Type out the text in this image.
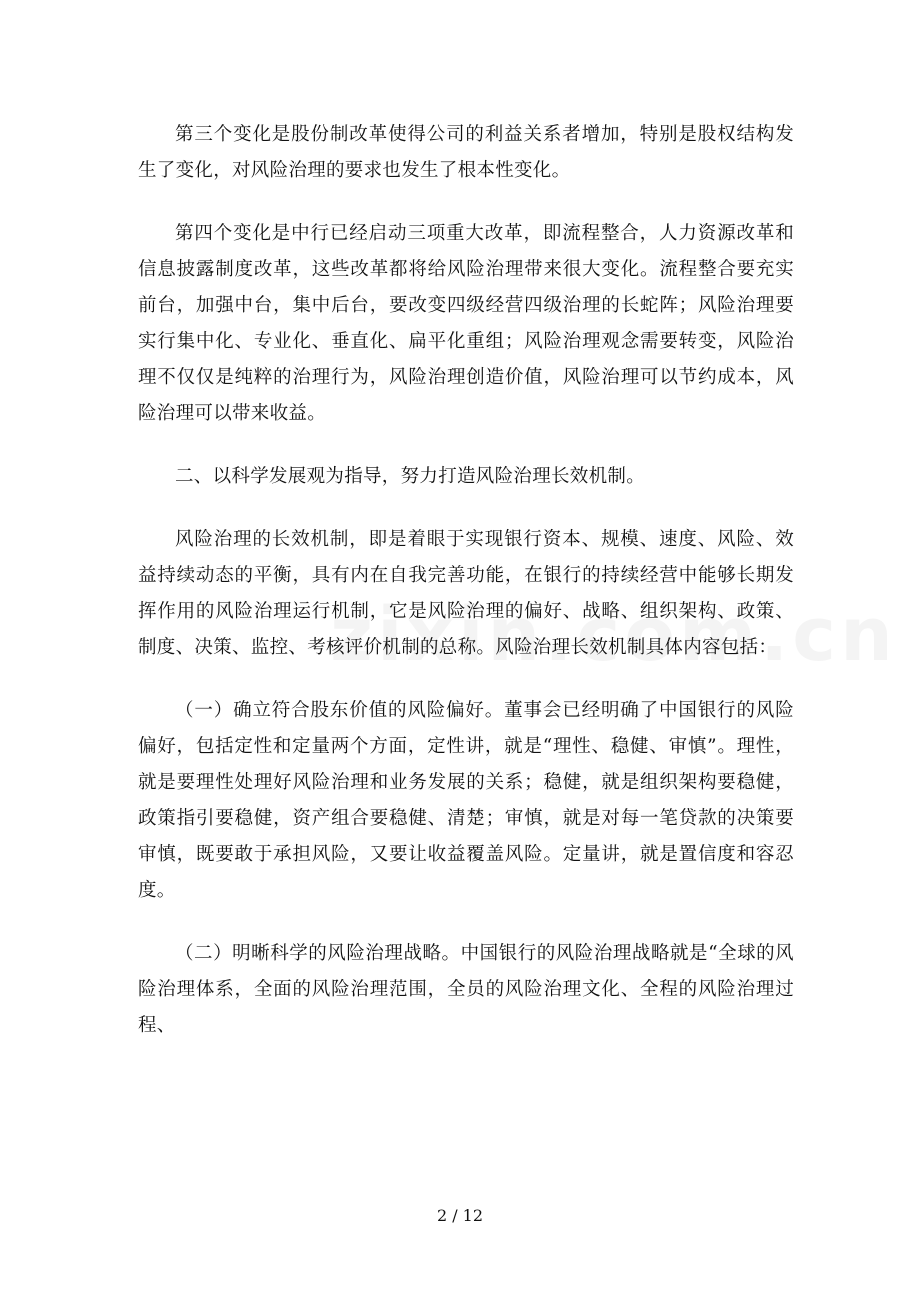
第三个变化是股份制改革使得公司的利益关系者增加，特别是股权结构发生了变化，对风险治理的要求也发生了根本性变化。

第四个变化是中行已经启动三项重大改革，即流程整合，人力资源改革和信息披露制度改革，这些改革都将给风险治理带来很大变化。流程整合要充实前台，加强中台，集中后台，要改变四级经营四级治理的长蛇阵；风险治理要实行集中化、专业化、垂直化、扁平化重组；风险治理观念需要转变，风险治理不仅仅是纯粹的治理行为，风险治理创造价值，风险治理可以节约成本，风险治理可以带来收益。

二、以科学发展观为指导，努力打造风险治理长效机制。

风险治理的长效机制，即是着眼于实现银行资本、规模、速度、风险、效益持续动态的平衡，具有内在自我完善功能，在银行的持续经营中能够长期发挥作用的风险治理运行机制，它是风险治理的偏好、战略、组织架构、政策、制度、决策、监控、考核评价机制的总称。风险治理长效机制具体内容包括：

（一）确立符合股东价值的风险偏好。董事会已经明确了中国银行的风险偏好，包括定性和定量两个方面，定性讲，就是“理性、稳健、审慎”。理性，就是要理性处理好风险治理和业务发展的关系；稳健，就是组织架构要稳健，政策指引要稳健，资产组合要稳健、清楚；审慎，就是对每一笔贷款的决策要审慎，既要敢于承担风险，又要让收益覆盖风险。定量讲，就是置信度和容忍度。

（二）明晰科学的风险治理战略。中国银行的风险治理战略就是“全球的风险治理体系，全面的风险治理范围，全员的风险治理文化、全程的风险治理过程、

2 / 12
